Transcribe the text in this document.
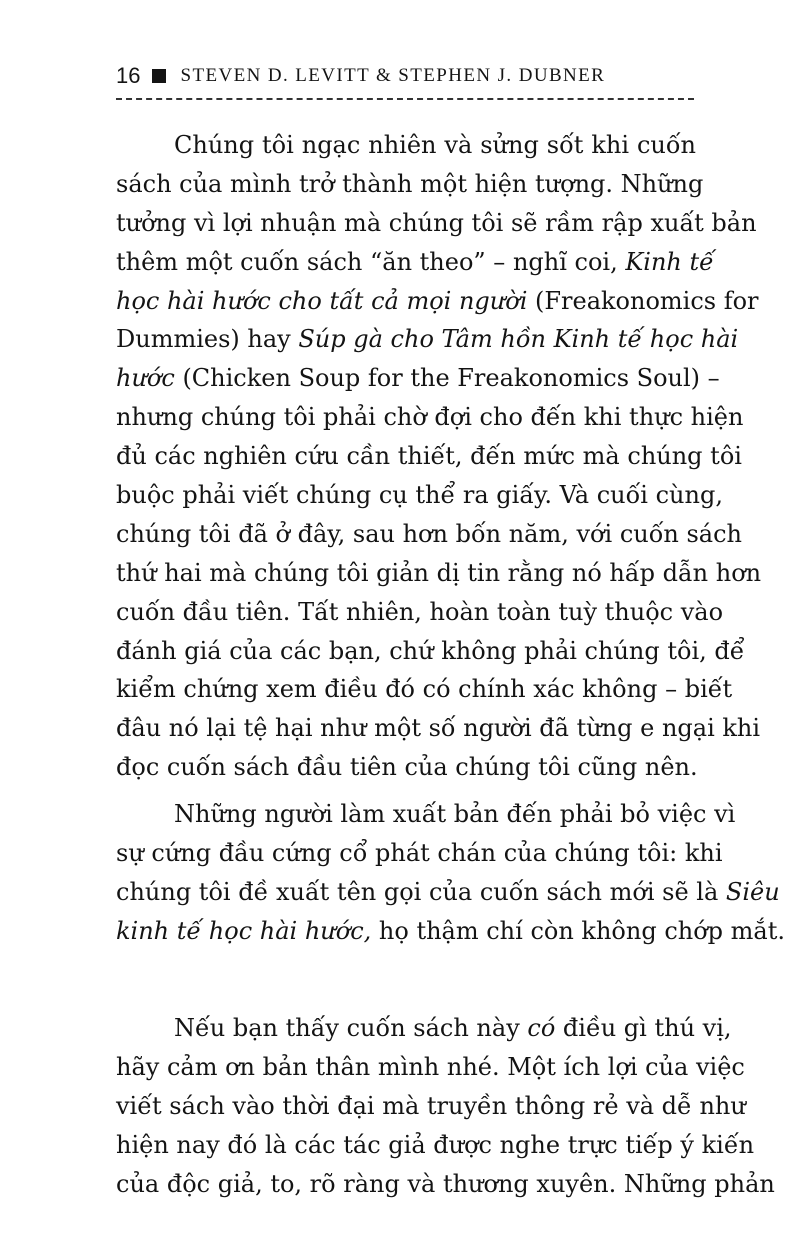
16 STEVEN D. LEVITT & STEPHEN J. DUBNER
Chúng tôi ngạc nhiên và sửng sốt khi cuốn
sách của mình trở thành một hiện tượng. Những
tưởng vì lợi nhuận mà chúng tôi sẽ rầm rập xuất bản
thêm một cuốn sách “ăn theo” – nghĩ coi, Kinh tế
học hài hước cho tất cả mọi người (Freakonomics for
Dummies) hay Súp gà cho Tâm hồn Kinh tế học hài
hước (Chicken Soup for the Freakonomics Soul) –
nhưng chúng tôi phải chờ đợi cho đến khi thực hiện
đủ các nghiên cứu cần thiết, đến mức mà chúng tôi
buộc phải viết chúng cụ thể ra giấy. Và cuối cùng,
chúng tôi đã ở đây, sau hơn bốn năm, với cuốn sách
thứ hai mà chúng tôi giản dị tin rằng nó hấp dẫn hơn
cuốn đầu tiên. Tất nhiên, hoàn toàn tuỳ thuộc vào
đánh giá của các bạn, chứ không phải chúng tôi, để
kiểm chứng xem điều đó có chính xác không – biết
đâu nó lại tệ hại như một số người đã từng e ngại khi
đọc cuốn sách đầu tiên của chúng tôi cũng nên.
Những người làm xuất bản đến phải bỏ việc vì
sự cứng đầu cứng cổ phát chán của chúng tôi: khi
chúng tôi đề xuất tên gọi của cuốn sách mới sẽ là Siêu
kinh tế học hài hước, họ thậm chí còn không chớp mắt.
Nếu bạn thấy cuốn sách này có điều gì thú vị,
hãy cảm ơn bản thân mình nhé. Một ích lợi của việc
viết sách vào thời đại mà truyền thông rẻ và dễ như
hiện nay đó là các tác giả được nghe trực tiếp ý kiến
của độc giả, to, rõ ràng và thương xuyên. Những phản
